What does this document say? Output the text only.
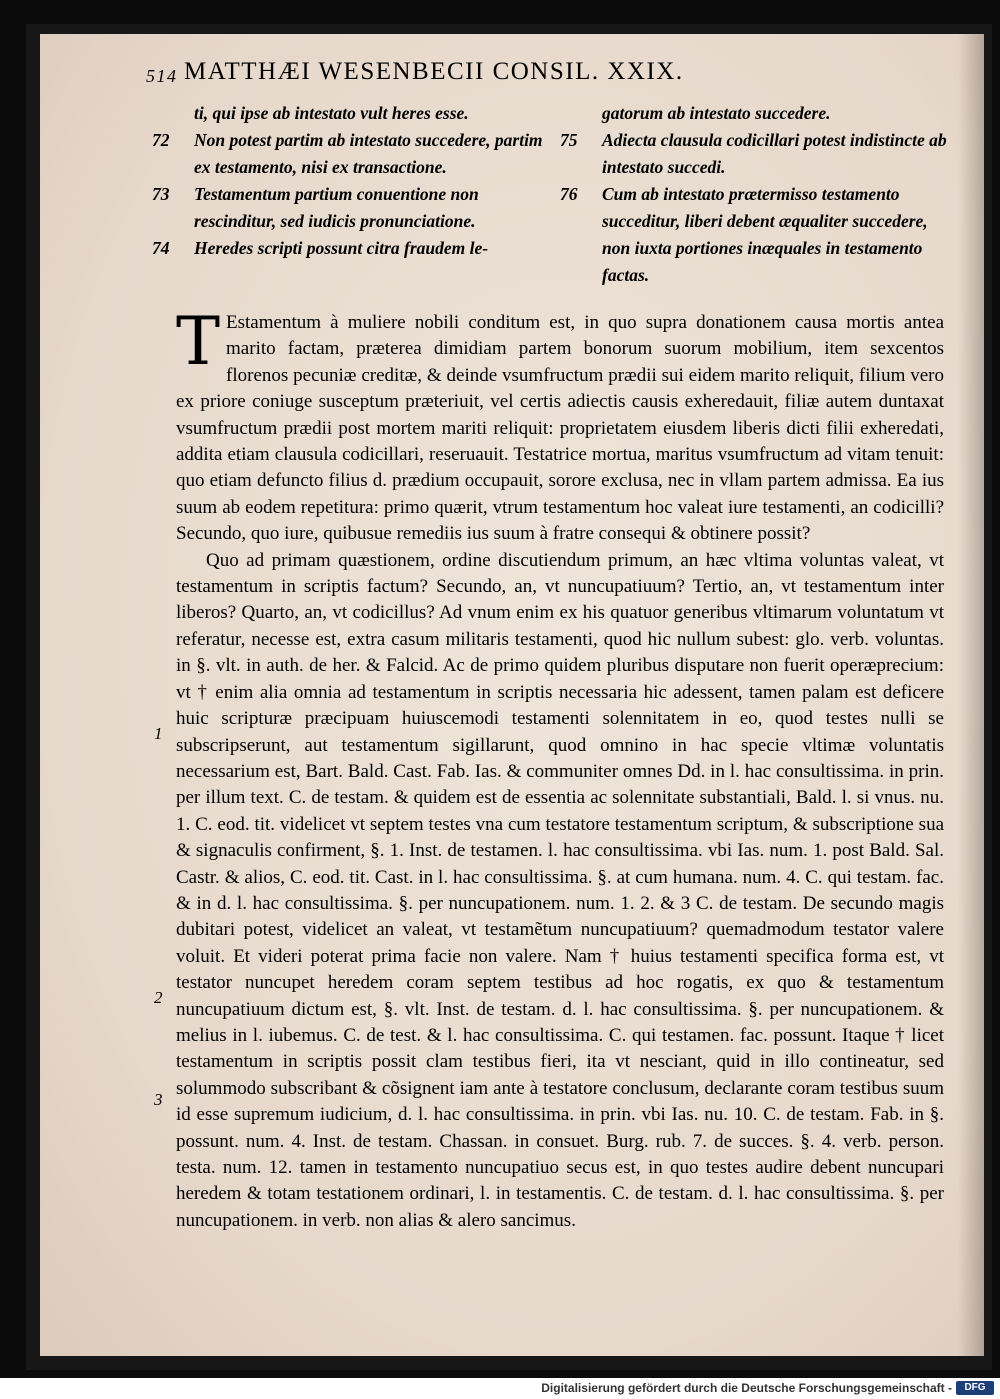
514 MATTHÆI WESENBECII CONSIL. XXIX.
ti, qui ipse ab intestato vult heres esse.
72 Non potest partim ab intestato succedere, partim ex testamento, nisi ex transactione.
73 Testamentum partium conuentione non rescinditur, sed iudicis pronunciatione.
74 Heredes scripti possunt citra fraudem le-
gatorum ab intestato succedere.
75 Adiecta clausula codicillari potest indistincte ab intestato succedi.
76 Cum ab intestato prætermisso testamento succeditur, liberi debent æqualiter succedere, non iuxta portiones inæquales in testamento factas.

T Estamentum à muliere nobili conditum est, in quo supra donationem causa mortis antea marito factam, prӕterea dimidiam partem bonorum suorum mobilium, item sexcentos florenos pecuniæ creditæ, & deinde vsumfructum prædii sui eidem marito reliquit, filium vero ex priore coniuge susceptum præteriuit, vel certis adiectis causis exheredauit, filiæ autem duntaxat vsumfructum prædii post mortem mariti reliquit: proprietatem eiusdem liberis dicti filii exheredati, addita etiam clausula codicillari, reseruauit. Testatrice mortua, maritus vsumfructum ad vitam tenuit: quo etiam defuncto filius d. prædium occupauit, sorore exclusa, nec in vllam partem admissa. Ea ius suum ab eodem repetitura: primo quærit, vtrum testamentum hoc valeat iure testamenti, an codicilli? Secundo, quo iure, quibusue remediis ius suum à fratre consequi & obtinere possit?

Quo ad primam quæstionem, ordine discutiendum primum, an hæc vltima voluntas valeat, vt testamentum in scriptis factum? Secundo, an, vt nuncupatiuum? Tertio, an, vt testamentum inter liberos? Quarto, an, vt codicillus? Ad vnum enim ex his quatuor generibus vltimarum voluntatum vt referatur, necesse est, extra casum militaris testamenti, quod hic nullum subest: glo. verb. voluntas. in §. vlt. in auth. de her. & Falcid. Ac de primo quidem pluribus disputare non fuerit operæprecium: vt † enim alia omnia ad testamentum in scriptis necessaria hic adessent, tamen palam est deficere huic scripturæ præcipuam huiuscemodi testamenti solennitatem in eo, quod testes nulli se subscripserunt, aut testamentum sigillarunt, quod omnino in hac specie vltimæ voluntatis necessarium est, Bart. Bald. Cast. Fab. Ias. & communiter omnes Dd. in l. hac consultissima. in prin. per illum text. C. de testam. & quidem est de essentia ac solennitate substantiali, Bald. l. si vnus. nu. 1. C. eod. tit. videlicet vt septem testes vna cum testatore testamentum scriptum, & subscriptione sua & signaculis confirment, §. 1. Inst. de testamen. l. hac consultissima. vbi Ias. num. 1. post Bald. Sal. Castr. & alios, C. eod. tit. Cast. in l. hac consultissima. §. at cum humana. num. 4. C. qui testam. fac. & in d. l. hac consultissima. §. per nuncupationem. num. 1. 2. & 3 C. de testam. De secundo magis dubitari potest, videlicet an valeat, vt testamẽtum nuncupatiuum? quemadmodum testator valere voluit. Et videri poterat prima facie non valere. Nam † huius testamenti specifica forma est, vt testator nuncupet heredem coram septem testibus ad hoc rogatis, ex quo & testamentum nuncupatiuum dictum est, §. vlt. Inst. de testam. d. l. hac consultissima. §. per nuncupationem. & melius in l. iubemus. C. de test. & l. hac consultissima. C. qui testamen. fac. possunt. Itaque † licet testamentum in scriptis possit clam testibus fieri, ita vt nesciant, quid in illo contineatur, sed solummodo subscribant & cõsignent iam ante à testatore conclusum, declarante coram testibus suum id esse supremum iudicium, d. l. hac consultissima. in prin. vbi Ias. nu. 10. C. de testam. Fab. in §. possunt. num. 4. Inst. de testam. Chassan. in consuet. Burg. rub. 7. de succes. §. 4. verb. person. testa. num. 12. tamen in testamento nuncupatiuo secus est, in quo testes audire debent nuncupari heredem & totam testationem ordinari, l. in testamentis. C. de testam. d. l. hac consultissima. §. per nuncupationem. in verb. non alias & alero sancimus.

1
2
3
Digitalisierung gefördert durch die Deutsche Forschungsgemeinschaft -	DFG
